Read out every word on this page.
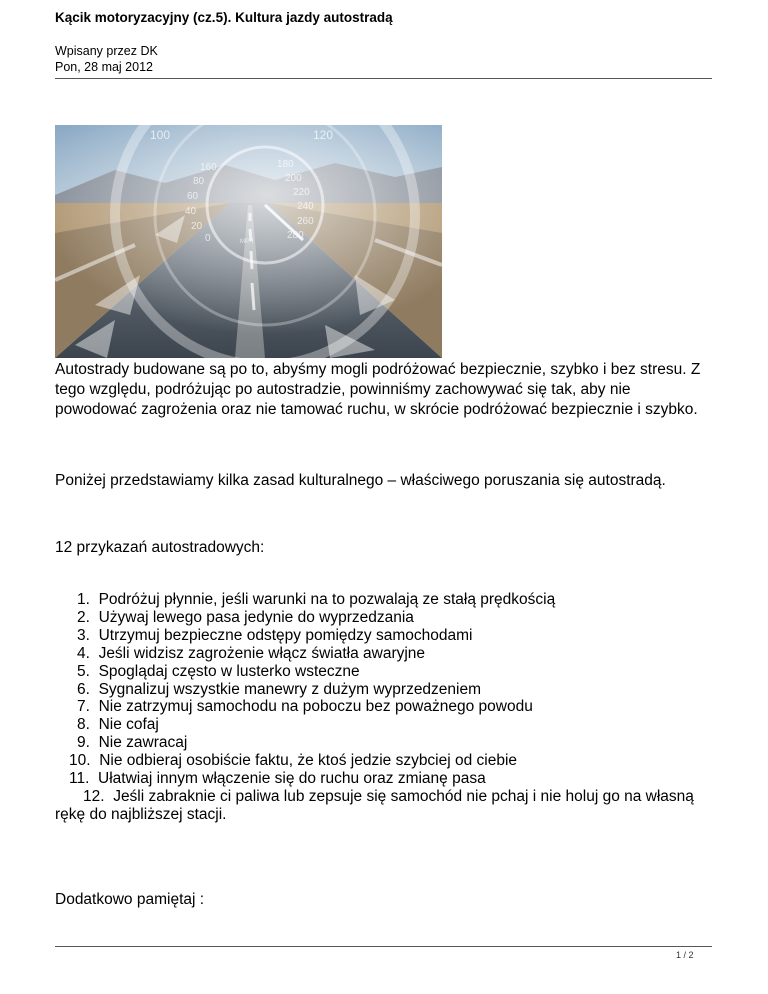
Kącik motoryzacyjny (cz.5). Kultura jazdy autostradą
Wpisany przez DK
Pon, 28 maj 2012
100	120
160	180
80	200
60	220
40	240
20	260
0	280
MPH
Autostrady budowane są po to, abyśmy mogli podróżować bezpiecznie, szybko i bez stresu. Z tego względu, podróżując po autostradzie, powinniśmy zachowywać się tak, aby nie powodować zagrożenia oraz nie tamować ruchu, w skrócie podróżować bezpiecznie i szybko.
Poniżej przedstawiamy kilka zasad kulturalnego – właściwego poruszania się autostradą.
12 przykazań autostradowych:
1. Podróżuj płynnie, jeśli warunki na to pozwalają ze stałą prędkością
2. Używaj lewego pasa jedynie do wyprzedzania
3. Utrzymuj bezpieczne odstępy pomiędzy samochodami
4. Jeśli widzisz zagrożenie włącz światła awaryjne
5. Spoglądaj często w lusterko wsteczne
6. Sygnalizuj wszystkie manewry z dużym wyprzedzeniem
7. Nie zatrzymuj samochodu na poboczu bez poważnego powodu
8. Nie cofaj
9. Nie zawracaj
10. Nie odbieraj osobiście faktu, że ktoś jedzie szybciej od ciebie
11. Ułatwiaj innym włączenie się do ruchu oraz zmianę pasa
12. Jeśli zabraknie ci paliwa lub zepsuje się samochód nie pchaj i nie holuj go na własną rękę do najbliższej stacji.
Dodatkowo pamiętaj :
1 / 2
